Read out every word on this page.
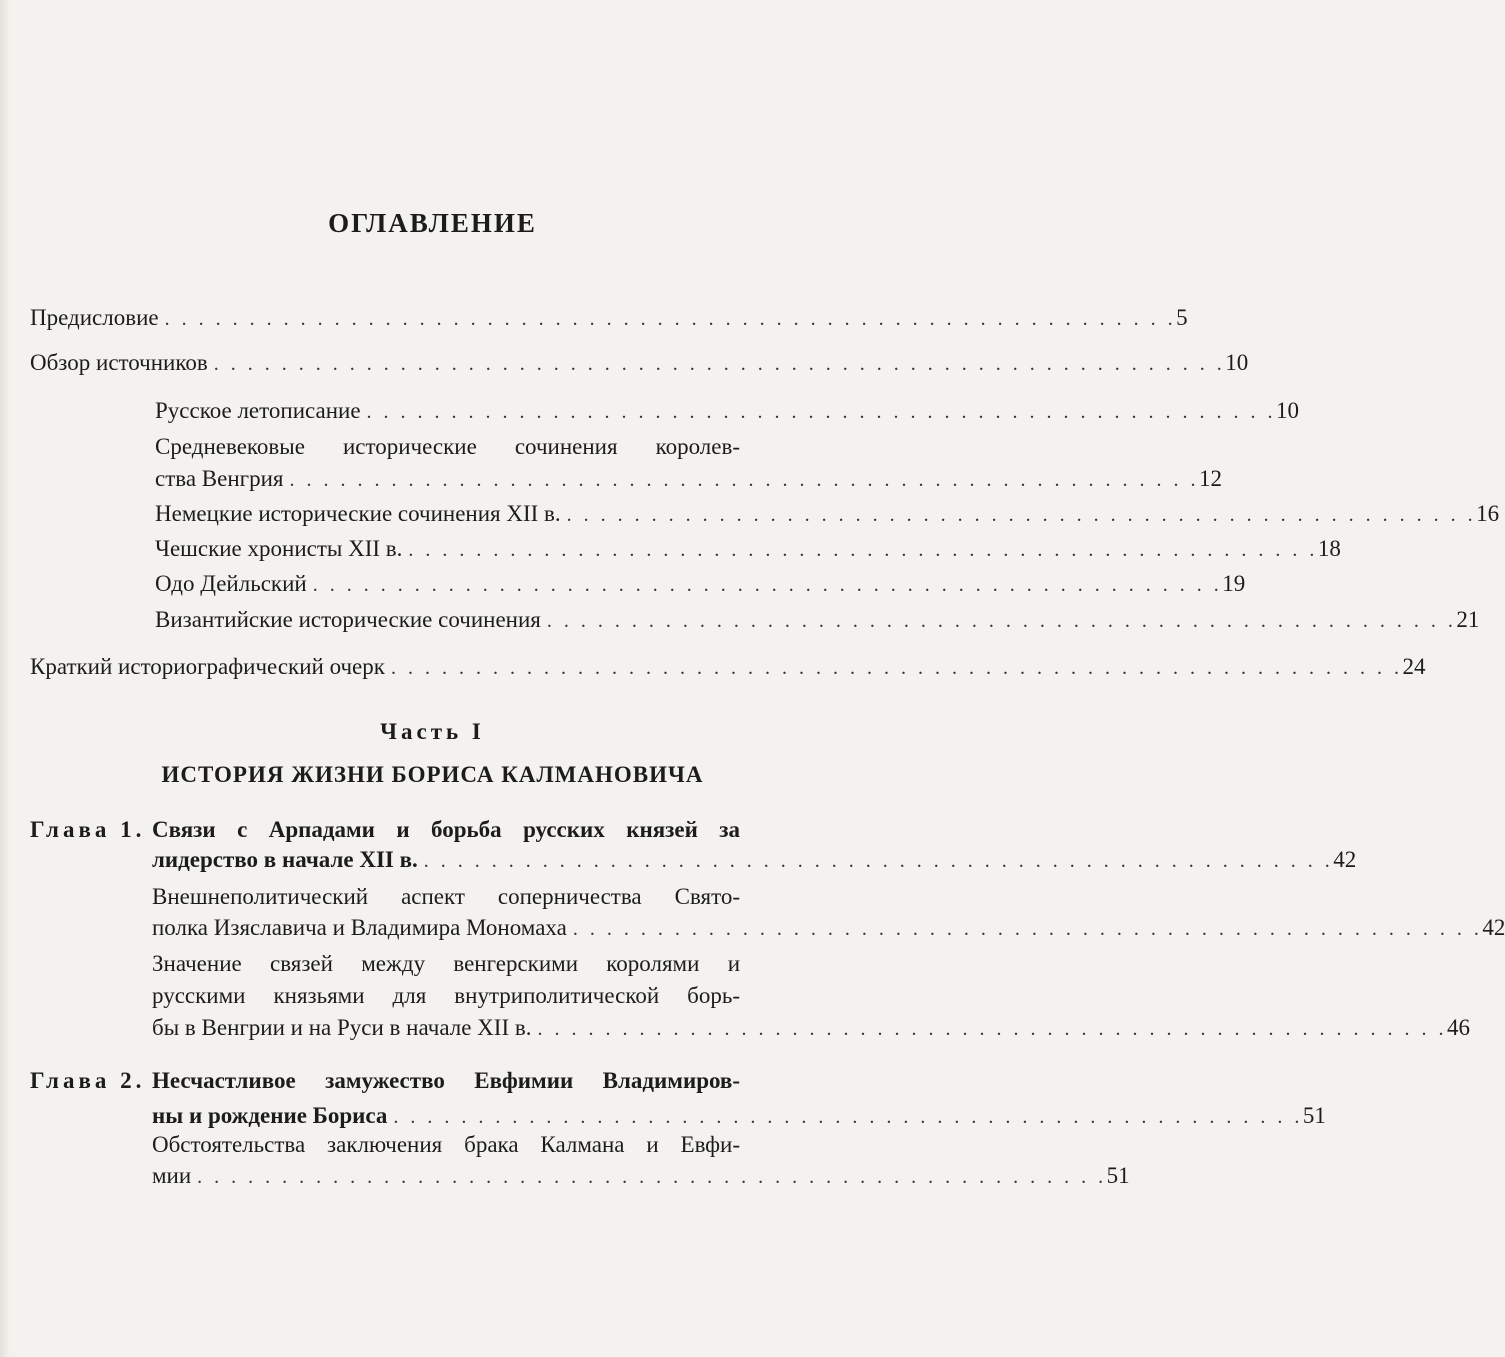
ОГЛАВЛЕНИЕ
Предисловие . . . . . . . . . . . . . . . . . . . . . . . . . . . . . . . . . . . . . . . . . . . . . . . . . . . . . . . . . . . . 5
Обзор источников . . . . . . . . . . . . . . . . . . . . . . . . . . . . . . . . . . . . . . . . . . . . . . . . . . . . . . . . . . . . 10
Русское летописание . . . . . . . . . . . . . . . . . . . . . . . . . . . . . . . . . . . . . . . . . . . . . . . . . . . . . . 10
Средневековые исторические сочинения королев-
ства Венгрия . . . . . . . . . . . . . . . . . . . . . . . . . . . . . . . . . . . . . . . . . . . . . . . . . . . . . . 12
Немецкие исторические сочинения XII в. . . . . . . . . . . . . . . . . . . . . . . . . . . . . . . . . . . . . . . . . . . . . . . . . . . . . . . 16
Чешские хронисты XII в. . . . . . . . . . . . . . . . . . . . . . . . . . . . . . . . . . . . . . . . . . . . . . . . . . . . . . . 18
Одо Дейльский . . . . . . . . . . . . . . . . . . . . . . . . . . . . . . . . . . . . . . . . . . . . . . . . . . . . . . 19
Византийские исторические сочинения . . . . . . . . . . . . . . . . . . . . . . . . . . . . . . . . . . . . . . . . . . . . . . . . . . . . . . 21
Краткий историографический очерк . . . . . . . . . . . . . . . . . . . . . . . . . . . . . . . . . . . . . . . . . . . . . . . . . . . . . . . . . . . . 24
Часть I
ИСТОРИЯ ЖИЗНИ БОРИСА КАЛМАНОВИЧА
Глава 1. Связи с Арпадами и борьба русских князей за
лидерство в начале XII в. . . . . . . . . . . . . . . . . . . . . . . . . . . . . . . . . . . . . . . . . . . . . . . . . . . . . . . 42
Внешнеполитический аспект соперничества Свято-
полка Изяславича и Владимира Мономаха . . . . . . . . . . . . . . . . . . . . . . . . . . . . . . . . . . . . . . . . . . . . . . . . . . . . . . 42
Значение связей между венгерскими королями и
русскими князьями для внутриполитической борь-
бы в Венгрии и на Руси в начале XII в. . . . . . . . . . . . . . . . . . . . . . . . . . . . . . . . . . . . . . . . . . . . . . . . . . . . . . . 46
Глава 2. Несчастливое замужество Евфимии Владимиров-
ны и рождение Бориса . . . . . . . . . . . . . . . . . . . . . . . . . . . . . . . . . . . . . . . . . . . . . . . . . . . . . . 51
Обстоятельства заключения брака Калмана и Евфи-
мии . . . . . . . . . . . . . . . . . . . . . . . . . . . . . . . . . . . . . . . . . . . . . . . . . . . . . . 51
